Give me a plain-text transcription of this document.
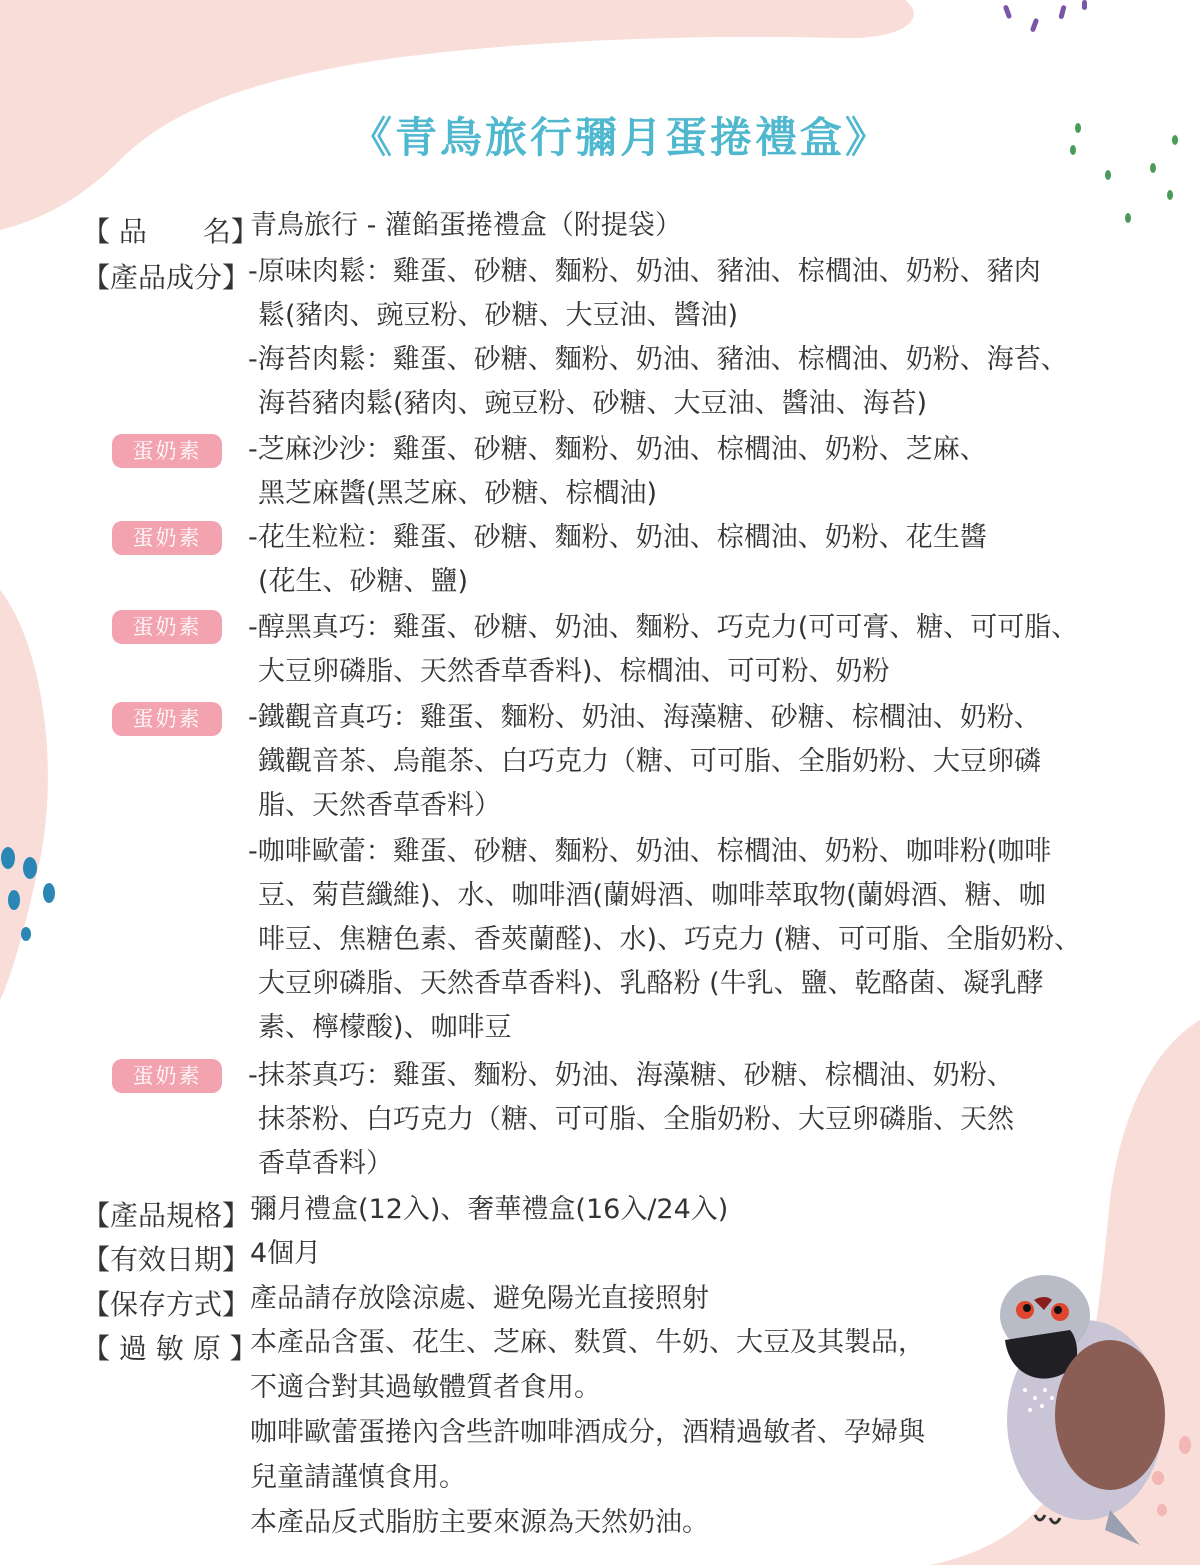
《青鳥旅行彌月蛋捲禮盒》
【 品　　名】
青鳥旅行 - 灌餡蛋捲禮盒（附提袋）
【產品成分】
-原味肉鬆：雞蛋、砂糖、麵粉、奶油、豬油、棕櫚油、奶粉、豬肉
鬆(豬肉、豌豆粉、砂糖、大豆油、醬油)
-海苔肉鬆：雞蛋、砂糖、麵粉、奶油、豬油、棕櫚油、奶粉、海苔、
海苔豬肉鬆(豬肉、豌豆粉、砂糖、大豆油、醬油、海苔)
蛋奶素	-芝麻沙沙：雞蛋、砂糖、麵粉、奶油、棕櫚油、奶粉、芝麻、
黑芝麻醬(黑芝麻、砂糖、棕櫚油)
蛋奶素	-花生粒粒：雞蛋、砂糖、麵粉、奶油、棕櫚油、奶粉、花生醬
(花生、砂糖、鹽)
蛋奶素	-醇黑真巧：雞蛋、砂糖、奶油、麵粉、巧克力(可可膏、糖、可可脂、
大豆卵磷脂、天然香草香料)、棕櫚油、可可粉、奶粉
蛋奶素	-鐵觀音真巧：雞蛋、麵粉、奶油、海藻糖、砂糖、棕櫚油、奶粉、
鐵觀音茶、烏龍茶、白巧克力（糖、可可脂、全脂奶粉、大豆卵磷
脂、天然香草香料）
-咖啡歐蕾：雞蛋、砂糖、麵粉、奶油、棕櫚油、奶粉、咖啡粉(咖啡
豆、菊苣纖維)、水、咖啡酒(蘭姆酒、咖啡萃取物(蘭姆酒、糖、咖
啡豆、焦糖色素、香莢蘭醛)、水)、巧克力 (糖、可可脂、全脂奶粉、
大豆卵磷脂、天然香草香料)、乳酪粉 (牛乳、鹽、乾酪菌、凝乳酵
素、檸檬酸)、咖啡豆
蛋奶素	-抹茶真巧：雞蛋、麵粉、奶油、海藻糖、砂糖、棕櫚油、奶粉、
抹茶粉、白巧克力（糖、可可脂、全脂奶粉、大豆卵磷脂、天然
香草香料）
【產品規格】 彌月禮盒(12入)、奢華禮盒(16入/24入)
【有效日期】 4個月
【保存方式】 產品請存放陰涼處、避免陽光直接照射
【 過 敏 原 】
本產品含蛋、花生、芝麻、麩質、牛奶、大豆及其製品，
不適合對其過敏體質者食用。
咖啡歐蕾蛋捲內含些許咖啡酒成分，酒精過敏者、孕婦與
兒童請謹慎食用。
本產品反式脂肪主要來源為天然奶油。
